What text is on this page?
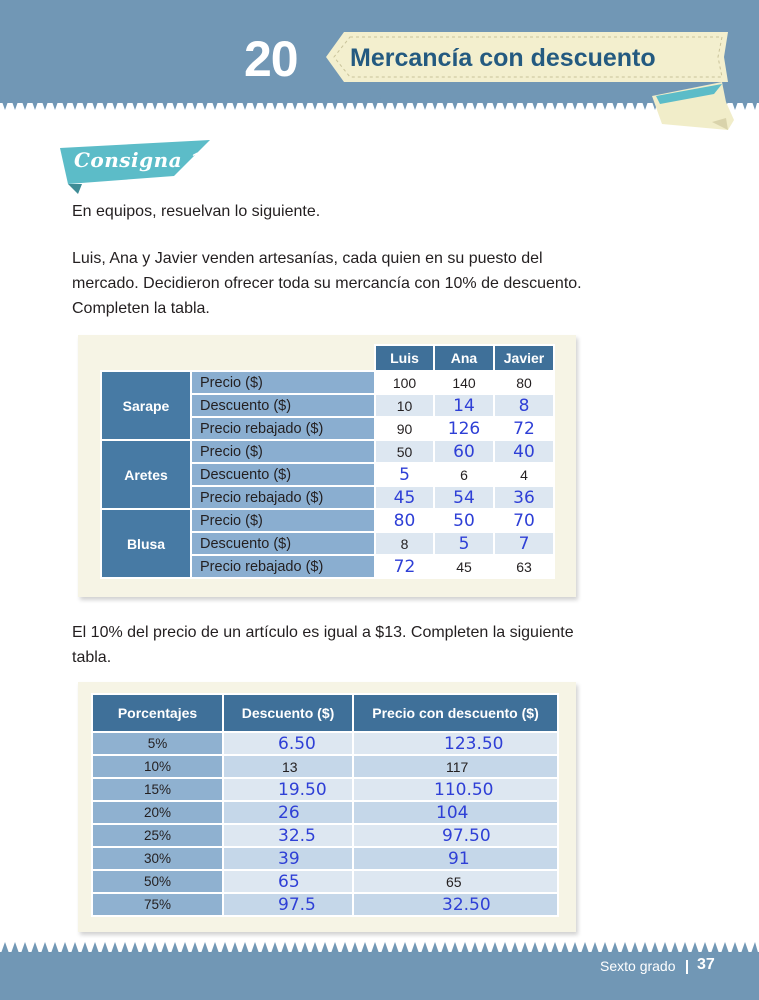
20	Mercancía con descuento
Consigna 1
En equipos, resuelvan lo siguiente.
Luis, Ana y Javier venden artesanías, cada quien en su puesto del mercado. Decidieron ofrecer toda su mercancía con 10% de descuento. Completen la tabla.
		Luis	Ana	Javier
Sarape	Precio ($)	100	140	80
	Descuento ($)	10	14	8
	Precio rebajado ($)	90	126	72
Aretes	Precio ($)	50	60	40
	Descuento ($)	5	6	4
	Precio rebajado ($)	45	54	36
Blusa	Precio ($)	80	50	70
	Descuento ($)	8	5	7
	Precio rebajado ($)	72	45	63
El 10% del precio de un artículo es igual a $13. Completen la siguiente tabla.
Porcentajes	Descuento ($)	Precio con descuento ($)
5%	6.50	123.50
10%	13	117
15%	19.50	110.50
20%	26	104
25%	32.5	97.50
30%	39	91
50%	65	65
75%	97.5	32.50
Sexto grado 37
